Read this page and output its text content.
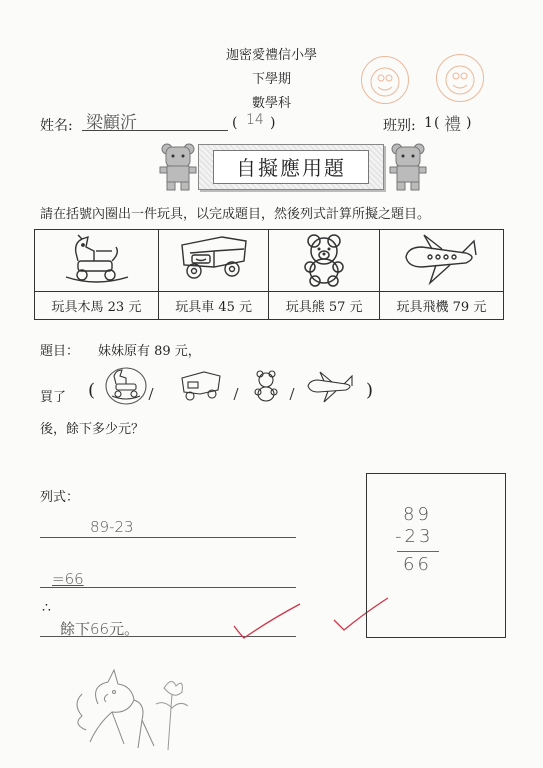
迦密愛禮信小學
下學期
數學科
姓名: 梁顧沂	( 14 )	班别: 1 ( 禮 )
自擬應用題
請在括號內圈出一件玩具，以完成題目，然後列式計算所擬之題目。

玩具木馬 23 元	玩具車 45 元	玩具熊 57 元	玩具飛機 79 元
題目： 妹妹原有 89 元，
買了 (	)
後，餘下多少元？
列式：
89-23
=66
∴
餘下66元。
89
-23
66
